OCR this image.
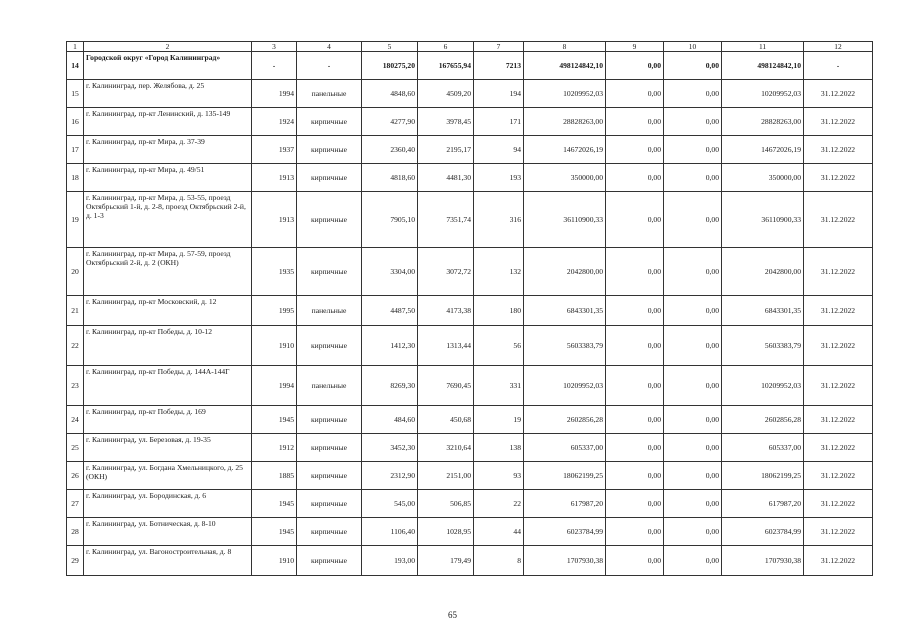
1	2	3	4	5	6	7	8	9	10	11	12
14	Городской округ «Город Калининград»	-	-	180275,20	167655,94	7213	498124842,10	0,00	0,00	498124842,10	-
15	г. Калининград, пер. Желябова, д. 25	1994	панельные	4848,60	4509,20	194	10209952,03	0,00	0,00	10209952,03	31.12.2022
16	г. Калининград, пр-кт Ленинский, д. 135-149	1924	кирпичные	4277,90	3978,45	171	28828263,00	0,00	0,00	28828263,00	31.12.2022
17	г. Калининград, пр-кт Мира, д. 37-39	1937	кирпичные	2360,40	2195,17	94	14672026,19	0,00	0,00	14672026,19	31.12.2022
18	г. Калининград, пр-кт Мира, д. 49/51	1913	кирпичные	4818,60	4481,30	193	350000,00	0,00	0,00	350000,00	31.12.2022
19	г. Калининград, пр-кт Мира, д. 53-55, проезд Октябрьский 1-й, д. 2-8, проезд Октябрьский 2-й, д. 1-3	1913	кирпичные	7905,10	7351,74	316	36110900,33	0,00	0,00	36110900,33	31.12.2022
20	г. Калининград, пр-кт Мира, д. 57-59, проезд Октябрьский 2-й, д. 2 (ОКН)	1935	кирпичные	3304,00	3072,72	132	2042800,00	0,00	0,00	2042800,00	31.12.2022
21	г. Калининград, пр-кт Московский, д. 12	1995	панельные	4487,50	4173,38	180	6843301,35	0,00	0,00	6843301,35	31.12.2022
22	г. Калининград, пр-кт Победы, д. 10-12	1910	кирпичные	1412,30	1313,44	56	5603383,79	0,00	0,00	5603383,79	31.12.2022
23	г. Калининград, пр-кт Победы, д. 144А-144Г	1994	панельные	8269,30	7690,45	331	10209952,03	0,00	0,00	10209952,03	31.12.2022
24	г. Калининград, пр-кт Победы, д. 169	1945	кирпичные	484,60	450,68	19	2602856,28	0,00	0,00	2602856,28	31.12.2022
25	г. Калининград, ул. Березовая, д. 19-35	1912	кирпичные	3452,30	3210,64	138	605337,00	0,00	0,00	605337,00	31.12.2022
26	г. Калининград, ул. Богдана Хмельницкого, д. 25 (ОКН)	1885	кирпичные	2312,90	2151,00	93	18062199,25	0,00	0,00	18062199,25	31.12.2022
27	г. Калининград, ул. Бородинская, д. 6	1945	кирпичные	545,00	506,85	22	617987,20	0,00	0,00	617987,20	31.12.2022
28	г. Калининград, ул. Ботническая, д. 8-10	1945	кирпичные	1106,40	1028,95	44	6023784,99	0,00	0,00	6023784,99	31.12.2022
29	г. Калининград, ул. Вагоностроительная, д. 8	1910	кирпичные	193,00	179,49	8	1707930,38	0,00	0,00	1707930,38	31.12.2022
65
